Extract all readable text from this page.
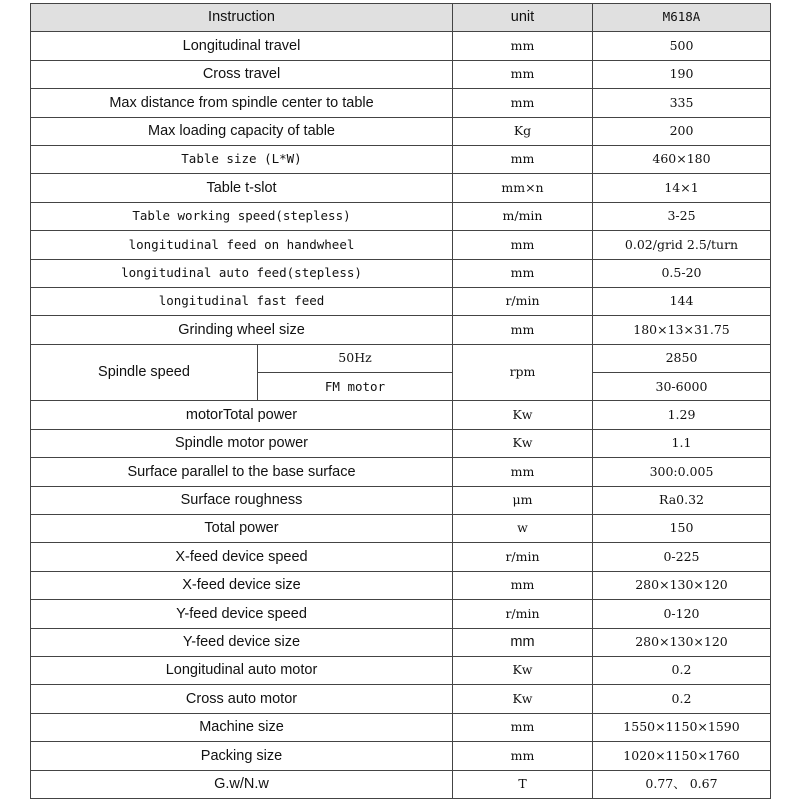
Instruction		unit	M618A
Longitudinal travel		mm	500
Cross travel		mm	190
Max distance from spindle center to table		mm	335
Max loading capacity of table		Kg	200
Table size (L*W)		mm	460×180
Table t-slot		mm×n	14×1
Table working speed(stepless)		m/min	3-25
longitudinal feed on handwheel		mm	0.02/grid 2.5/turn
longitudinal auto feed(stepless)		mm	0.5-20
longitudinal fast feed		r/min	144
Grinding wheel size		mm	180×13×31.75
Spindle speed	50Hz	rpm	2850
	FM motor		30-6000
motorTotal power		Kw	1.29
Spindle motor power		Kw	1.1
Surface parallel to the base surface		mm	300:0.005
Surface roughness		μm	Ra0.32
Total power		w	150
X-feed device speed		r/min	0-225
X-feed device size		mm	280×130×120
Y-feed device speed		r/min	0-120
Y-feed device size		mm	280×130×120
Longitudinal auto motor		Kw	0.2
Cross auto motor		Kw	0.2
Machine size		mm	1550×1150×1590
Packing size		mm	1020×1150×1760
G.w/N.w		T	0.77、 0.67
